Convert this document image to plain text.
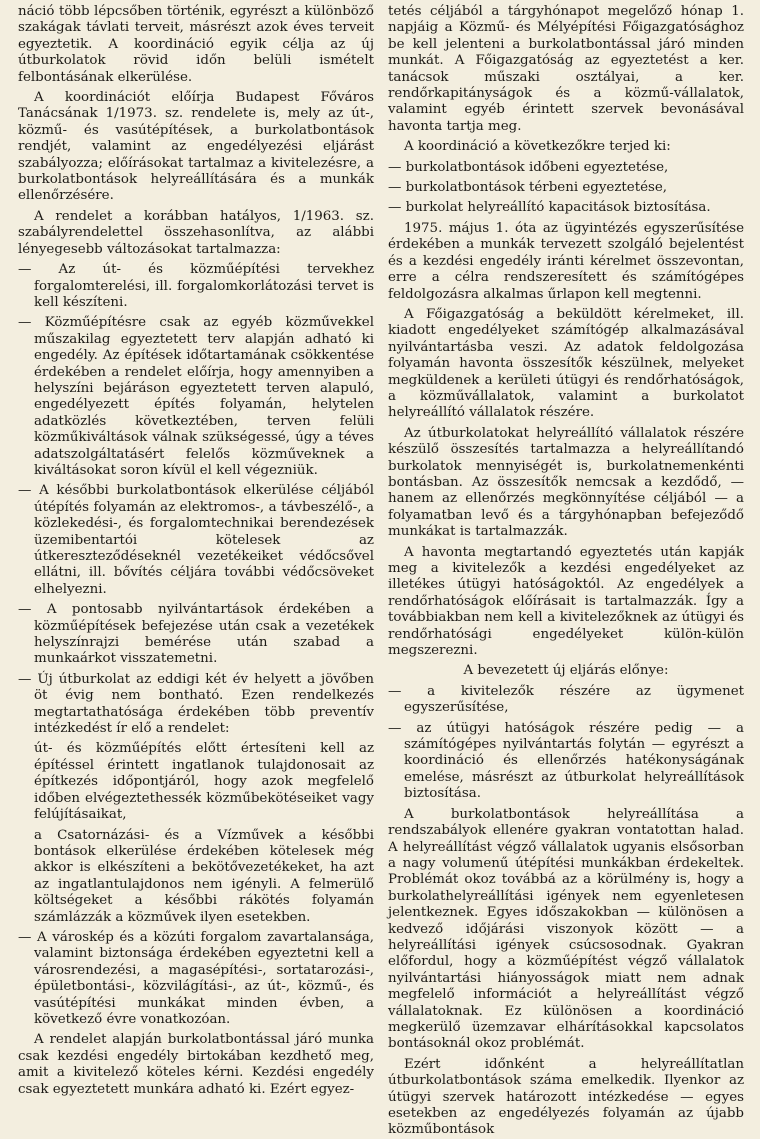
náció több lépcsőben történik, egyrészt a különböző szakágak távlati terveit, másrészt azok éves terveit egyeztetik. A koordináció egyik célja az új útburkolatok rövid időn belüli ismételt felbontásának elkerülése.

A koordinációt előírja Budapest Főváros Tanácsának 1/1973. sz. rendelete is, mely az út-, közmű- és vasútépítések, a burkolatbontások rendjét, valamint az engedélyezési eljárást szabályozza; előírásokat tartalmaz a kivitelezésre, a burkolatbontások helyreállítására és a munkák ellenőrzésére.

A rendelet a korábban hatályos, 1/1963. sz. szabályrendelettel összehasonlítva, az alábbi lényegesebb változásokat tartalmazza:

— Az út- és közműépítési tervekhez forgalomterelési, ill. forgalomkorlátozási tervet is kell készíteni.

— Közműépítésre csak az egyéb közművekkel műszakilag egyeztetett terv alapján adható ki engedély. Az építések időtartamának csökkentése érdekében a rendelet előírja, hogy amennyiben a helyszíni bejáráson egyeztetett terven alapuló, engedélyezett építés folyamán, helytelen adatközlés következtében, terven felüli közműkiváltások válnak szükségessé, úgy a téves adatszolgáltatásért felelős közműveknek a kiváltásokat soron kívül el kell végezniük.

— A későbbi burkolatbontások elkerülése céljából útépítés folyamán az elektromos-, a távbeszélő-, a közlekedési-, és forgalomtechnikai berendezések üzemibentartói kötelesek az útkereszteződéseknél vezetékeiket védőcsővel ellátni, ill. bővítés céljára további védőcsöveket elhelyezni.

— A pontosabb nyilvántartások érdekében a közműépítések befejezése után csak a vezetékek helyszínrajzi bemérése után szabad a munkaárkot visszatemetni.

— Új útburkolat az eddigi két év helyett a jövőben öt évig nem bontható. Ezen rendelkezés megtartathatósága érdekében több preventív intézkedést ír elő a rendelet:

út- és közműépítés előtt értesíteni kell az építéssel érintett ingatlanok tulajdonosait az építkezés időpontjáról, hogy azok megfelelő időben elvégeztethessék közműbekötéseiket vagy felújításaikat,

a Csatornázási- és a Vízművek a későbbi bontások elkerülése érdekében kötelesek még akkor is elkészíteni a bekötővezetékeket, ha azt az ingatlantulajdonos nem igényli. A felmerülő költségeket a későbbi rákötés folyamán számlázzák a közművek ilyen esetekben.

— A városkép és a közúti forgalom zavartalansága, valamint biztonsága érdekében egyeztetni kell a városrendezési, a magasépítési-, sortatarozási-, épületbontási-, közvilágítási-, az út-, közmű-, és vasútépítési munkákat minden évben, a következő évre vonatkozóan.

A rendelet alapján burkolatbontással járó munka csak kezdési engedély birtokában kezdhető meg, amit a kivitelező köteles kérni. Kezdési engedély csak egyeztetett munkára adható ki. Ezért egyez-

tetés céljából a tárgyhónapot megelőző hónap 1. napjáig a Közmű- és Mélyépítési Főigazgatósághoz be kell jelenteni a burkolatbontással járó minden munkát. A Főigazgatóság az egyeztetést a ker. tanácsok műszaki osztályai, a ker. rendőrkapitányságok és a közmű-vállalatok, valamint egyéb érintett szervek bevonásával havonta tartja meg.

A koordináció a következőkre terjed ki:

— burkolatbontások időbeni egyeztetése,

— burkolatbontások térbeni egyeztetése,

— burkolat helyreállító kapacitások biztosítása.

1975. május 1. óta az ügyintézés egyszerűsítése érdekében a munkák tervezett szolgáló bejelentést és a kezdési engedély iránti kérelmet összevontan, erre a célra rendszeresített és számítógépes feldolgozásra alkalmas űrlapon kell megtenni.

A Főigazgatóság a beküldött kérelmeket, ill. kiadott engedélyeket számítógép alkalmazásával nyilvántartásba veszi. Az adatok feldolgozása folyamán havonta összesítők készülnek, melyeket megküldenek a kerületi útügyi és rendőrhatóságok, a közművállalatok, valamint a burkolatot helyreállító vállalatok részére.

Az útburkolatokat helyreállító vállalatok részére készülő összesítés tartalmazza a helyreállítandó burkolatok mennyiségét is, burkolatnemenkénti bontásban. Az összesítők nemcsak a kezdődő, — hanem az ellenőrzés megkönnyítése céljából — a folyamatban levő és a tárgyhónapban befejeződő munkákat is tartalmazzák.

A havonta megtartandó egyeztetés után kapják meg a kivitelezők a kezdési engedélyeket az illetékes útügyi hatóságoktól. Az engedélyek a rendőrhatóságok előírásait is tartalmazzák. Így a továbbiakban nem kell a kivitelezőknek az útügyi és rendőrhatósági engedélyeket külön-külön megszerezni.

A bevezetett új eljárás előnye:

— a kivitelezők részére az ügymenet egyszerűsítése,

— az útügyi hatóságok részére pedig — a számítógépes nyilvántartás folytán — egyrészt a koordináció és ellenőrzés hatékonyságának emelése, másrészt az útburkolat helyreállítások biztosítása.

A burkolatbontások helyreállítása a rendszabályok ellenére gyakran vontatottan halad. A helyreállítást végző vállalatok ugyanis elsősorban a nagy volumenű útépítési munkákban érdekeltek. Problémát okoz továbbá az a körülmény is, hogy a burkolathelyreállítási igények nem egyenletesen jelentkeznek. Egyes időszakokban — különösen a kedvező időjárási viszonyok között — a helyreállítási igények csúcsosodnak. Gyakran előfordul, hogy a közműépítést végző vállalatok nyilvántartási hiányosságok miatt nem adnak megfelelő információt a helyreállítást végző vállalatoknak. Ez különösen a koordináció megkerülő üzemzavar elhárításokkal kapcsolatos bontásoknál okoz problémát.

Ezért időnként a helyreállítatlan útburkolatbontások száma emelkedik. Ilyenkor az útügyi szervek határozott intézkedése — egyes esetekben az engedélyezés folyamán az újabb közműbontások
